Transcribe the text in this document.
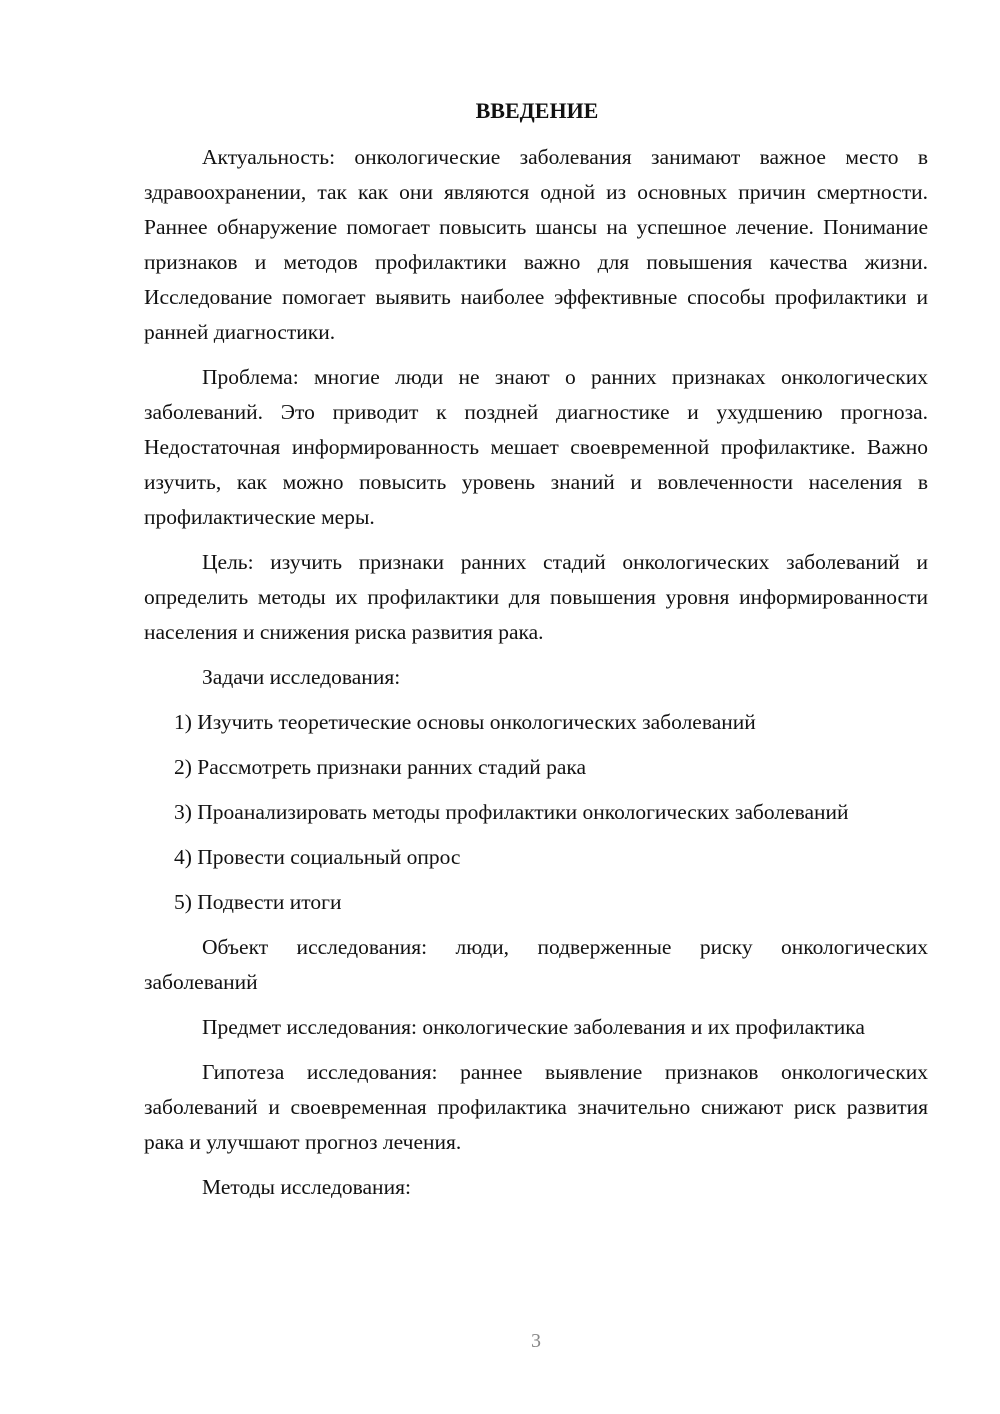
ВВЕДЕНИЕ

Актуальность: онкологические заболевания занимают важное место в здравоохранении, так как они являются одной из основных причин смертности. Раннее обнаружение помогает повысить шансы на успешное лечение. Понимание признаков и методов профилактики важно для повышения качества жизни. Исследование помогает выявить наиболее эффективные способы профилактики и ранней диагностики.

Проблема: многие люди не знают о ранних признаках онкологических заболеваний. Это приводит к поздней диагностике и ухудшению прогноза. Недостаточная информированность мешает своевременной профилактике. Важно изучить, как можно повысить уровень знаний и вовлеченности населения в профилактические меры.

Цель: изучить признаки ранних стадий онкологических заболеваний и определить методы их профилактики для повышения уровня информированности населения и снижения риска развития рака.

Задачи исследования:

1) Изучить теоретические основы онкологических заболеваний
2) Рассмотреть признаки ранних стадий рака
3) Проанализировать методы профилактики онкологических заболеваний
4) Провести социальный опрос
5) Подвести итоги

Объект исследования: люди, подверженные риску онкологических заболеваний

Предмет исследования: онкологические заболевания и их профилактика

Гипотеза исследования: раннее выявление признаков онкологических заболеваний и своевременная профилактика значительно снижают риск развития рака и улучшают прогноз лечения.

Методы исследования:

3
